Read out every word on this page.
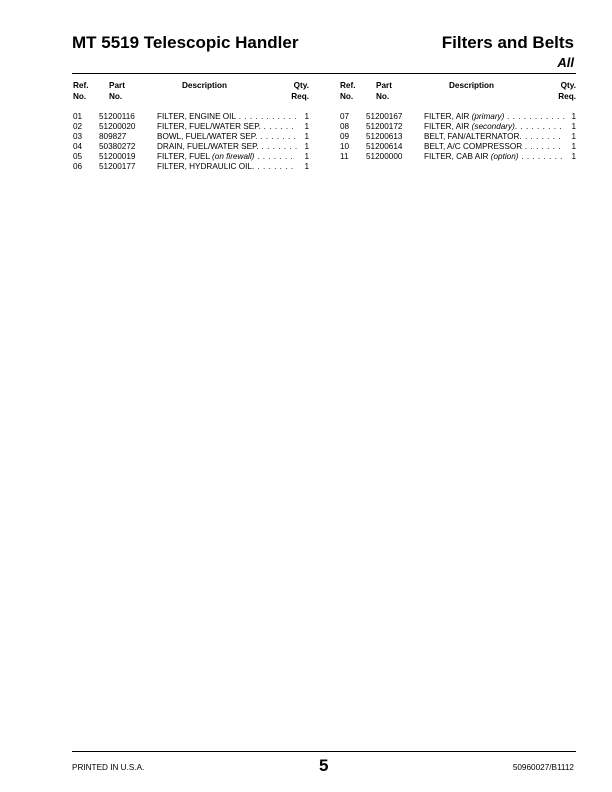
MT 5519 Telescopic Handler	Filters and Belts
All
Ref.
No.
Part
No.
Description	Qty.
Req.
01 51200116	FILTER, ENGINE OIL . . . . . . . . . . . 1
02 51200020	FILTER, FUEL/WATER SEP. . . . . . .	1
03 809827	BOWL, FUEL/WATER SEP. . . . . . . . 1
04 50380272	DRAIN, FUEL/WATER SEP. . . . . . . . 1
05 51200019	FILTER, FUEL (on firewall) . . . . . . .	1
06 51200177	FILTER, HYDRAULIC OIL. . . . . . . .	1
Ref.
No.
Part
No.
Description	Qty.
Req.
07 51200167	FILTER, AIR (primary) . . . . . . . . . . . 1
08 51200172	FILTER, AIR (secondary). . . . . . . . .	1
09 51200613	BELT, FAN/ALTERNATOR. . . . . . . .	1
10 51200614	BELT, A/C COMPRESSOR . . . . . . .	1
11 51200000	FILTER, CAB AIR (option) . . . . . . . .	1
PRINTED IN U.S.A.	5	50960027/B1112
